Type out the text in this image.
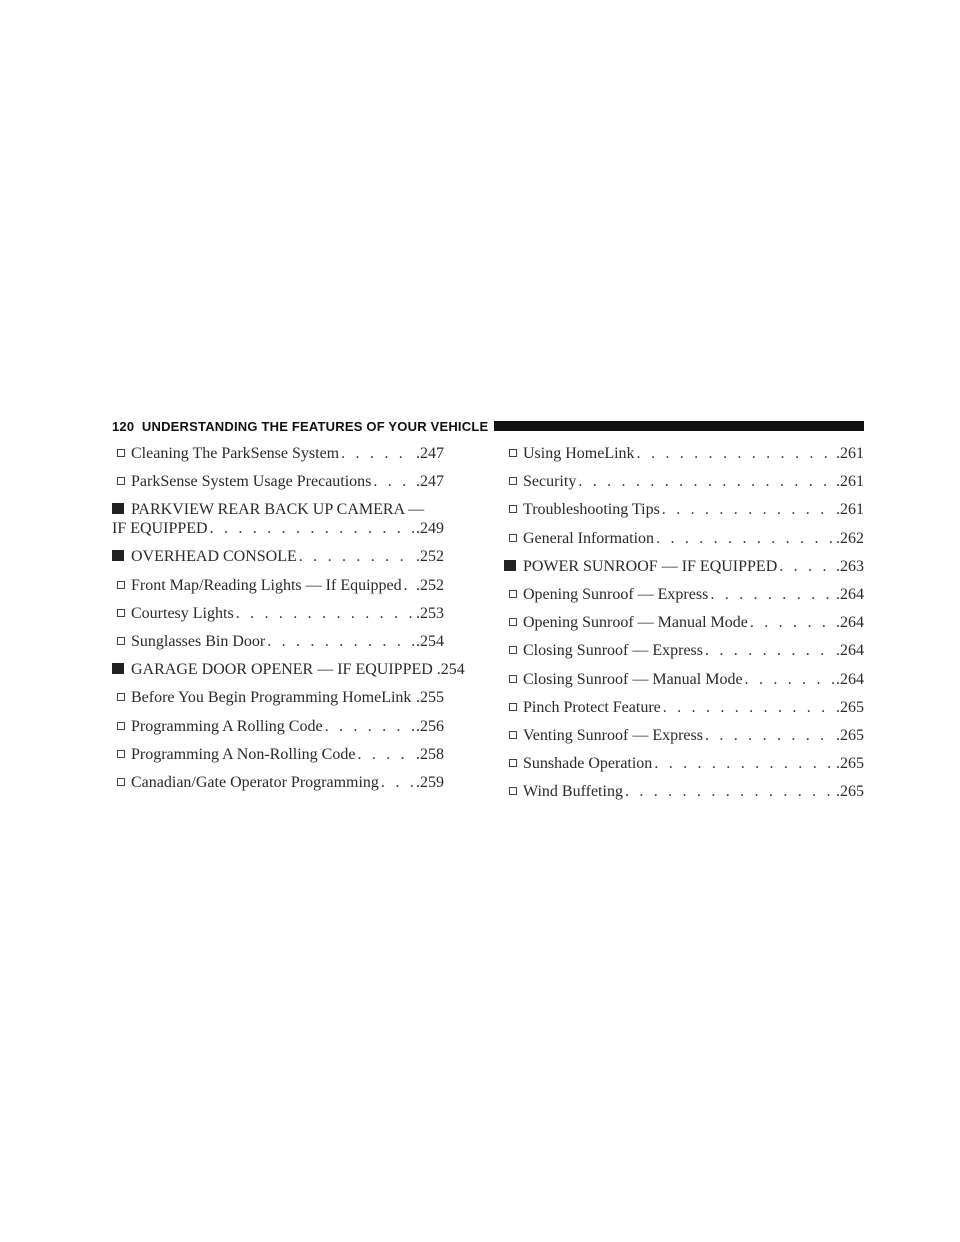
120 UNDERSTANDING THE FEATURES OF YOUR VEHICLE
Cleaning The ParkSense System . . .	.247
ParkSense System Usage Precautions . . .	.247
PARKVIEW REAR BACK UP CAMERA —
IF EQUIPPED . . .	.249
OVERHEAD CONSOLE . . .	.252
Front Map/Reading Lights — If Equipped . . . .252
Courtesy Lights . . .	.253
Sunglasses Bin Door . . .	.254
GARAGE DOOR OPENER — IF EQUIPPED .254
Before You Begin Programming HomeLink . . . .255
Programming A Rolling Code . . .	.256
Programming A Non-Rolling Code . . .	.258
Canadian/Gate Operator Programming . . . .259
Using HomeLink . . .	.261
Security . . .	.261
Troubleshooting Tips . . .	.261
General Information . . .	.262
POWER SUNROOF — IF EQUIPPED . . .	.263
Opening Sunroof — Express . . .	.264
Opening Sunroof — Manual Mode . . .	.264
Closing Sunroof — Express . . .	.264
Closing Sunroof — Manual Mode . . .	.264
Pinch Protect Feature . . .	.265
Venting Sunroof — Express . . .	.265
Sunshade Operation . . .	.265
Wind Buffeting . . .	.265
